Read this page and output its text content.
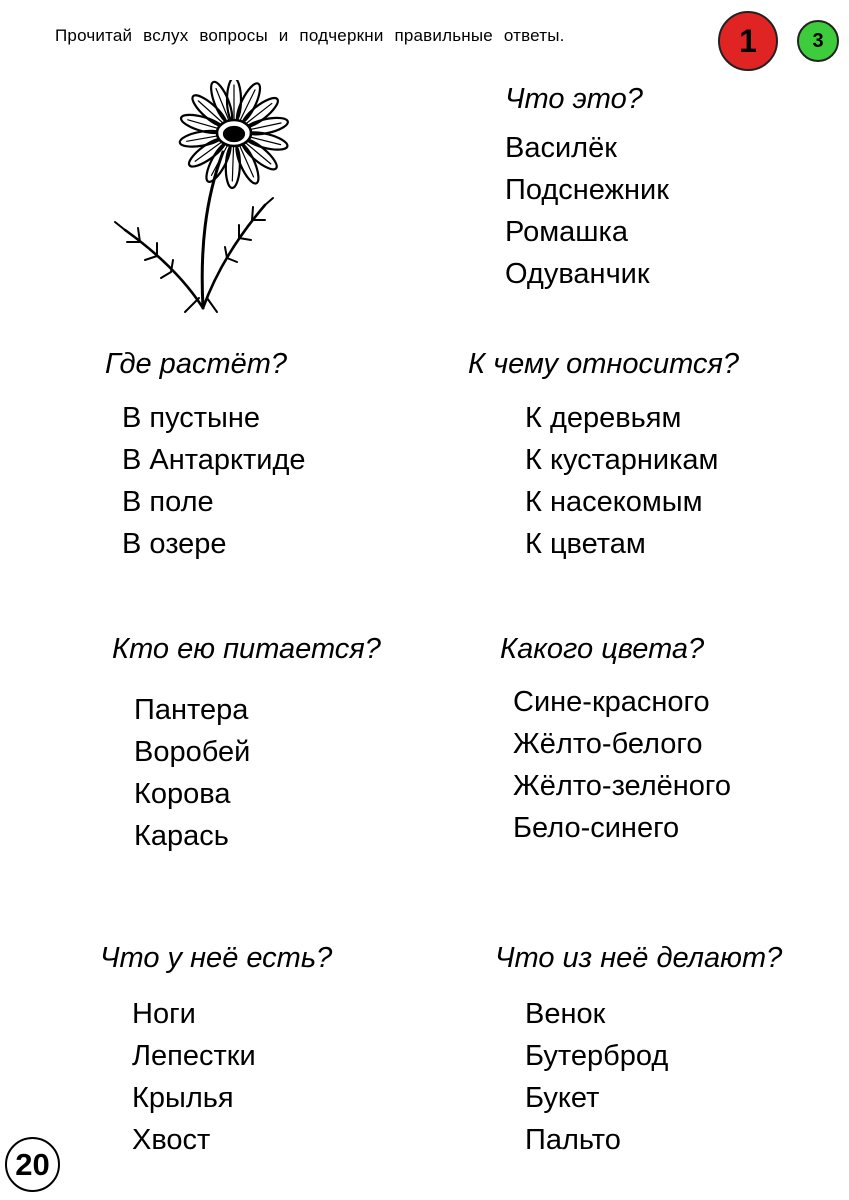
Прочитай вслух вопросы и подчеркни правильные ответы.	1	3

Что это?

Василёк
Подснежник
Ромашка
Одуванчик

Где растёт?

В пустыне
В Антарктиде
В поле
В озере

К чему относится?

К деревьям
К кустарникам
К насекомым
К цветам

Кто ею питается?

Пантера
Воробей
Корова
Карась

Какого цвета?

Сине-красного
Жёлто-белого
Жёлто-зелёного
Бело-синего

Что у неё есть?

Ноги
Лепестки
Крылья
Хвост

Что из неё делают?

Венок
Бутерброд
Букет
Пальто
20
